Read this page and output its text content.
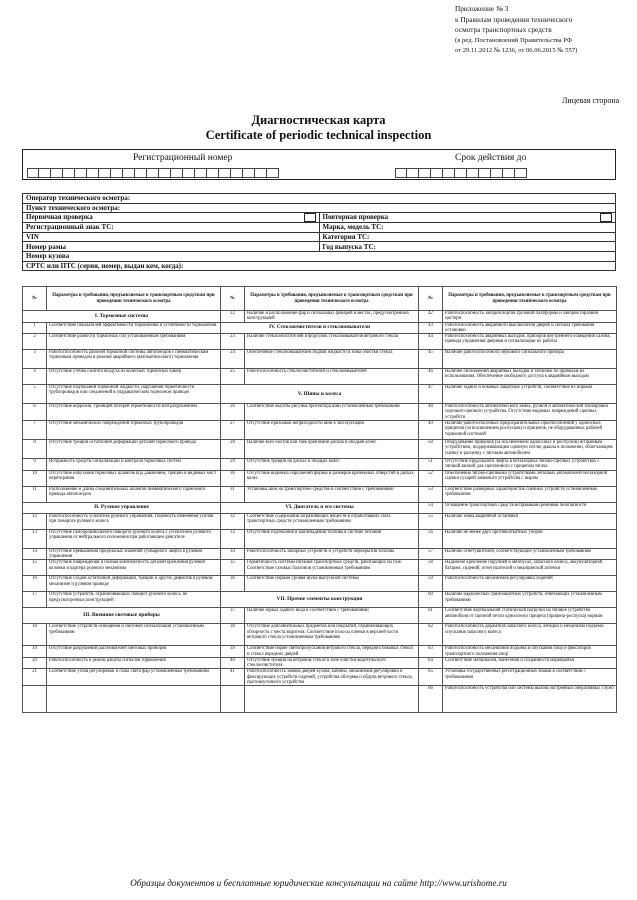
Приложение № 3
к Правилам проведения технического
осмотра транспортных средств
(в ред. Постановлений Правительства РФ
от 29.11.2012 № 1236, от 06.06.2015 № 557)
Лицевая сторона
Диагностическая карта
Certificate of periodic technical inspection
Регистрационный номер	Срок действия до
Оператор технического осмотра:	
Пункт технического осмотра:	
Первичная проверка	Повторная проверка

Регистрационный знак ТС:	Марка, модель ТС:
VIN	Категория ТС:
Номер рамы	Год выпуска ТС:
Номер кузова	
СРТС или ПТС (серия, номер, выдан кем, когда):	
№	Параметры и требования, предъявляемые к транспортным средствам при проведении технического осмотра	№	Параметры и требования, предъявляемые к транспортным средствам при проведении технического осмотра	№	Параметры и требования, предъявляемые к транспортным средствам при проведении технического осмотра
I. Тормозные системы		22	Наличие и расположение фар и сигнальных фонарей в местах, предусмотренных конструкцией	42	Работоспособность запоров бортов грузовой платформы и запоров горловин цистерн
1	Соответствие показателей эффективности торможения и устойчивости торможения	IV. Стеклоочистители и стеклоомыватели		43	Работоспособность аварийного выключателя дверей и сигнала требования остановки
2	Соответствие разности тормозных сил установленным требованиям	23	Наличие стеклоочистителей и форсунок стеклоомывателя ветрового стекла	44	Работоспособность аварийных выходов, приборов внутреннего освещения салона, привода управления дверями и сигнализации их работы
3	Работоспособность рабочей тормозной системы автопоездов с пневматическим тормозным приводом в режиме аварийного (автоматического) торможения	24	Обеспечение стеклоомывателем подачи жидкости в зоны очистки стекла	45	Наличие работоспособного звукового сигнального прибора
4	Отсутствие утечек сжатого воздуха из колесных тормозных камер	25	Работоспособность стеклоочистителей и стеклоомывателей	46	Наличие обозначений аварийных выходов и табличек по правилам их использования. Обеспечение свободного доступа к аварийным выходам
5	Отсутствие подтеканий тормозной жидкости, нарушения герметичности трубопроводов или соединений в гидравлическом тормозном приводе	V. Шины и колеса		47	Наличие задних и боковых защитных устройств, соответствие их нормам
6	Отсутствие коррозии, грозящей потерей герметичности или разрушением	26	Соответствие высоты рисунка протектора шин установленным требованиям	48	Работоспособность автоматического замка, ручной и автоматической блокировки седельно-сцепного устройства. Отсутствие видимых повреждений сцепных устройств
7	Отсутствие механических повреждений тормозных трубопроводов	27	Отсутствие признаков непригодности шин к эксплуатации	49	Наличие работоспособных предохранительных приспособлений у одноосных прицепов (за исключением роспусков) и прицепов, не оборудованных рабочей тормозной системой
8	Отсутствие трещин остаточной деформации деталей тормозного привода	28	Наличие всех болтов или гаек крепления дисков и ободьев колес	50	Оборудование прицепов (за исключением одноосных и роспусков) исправным устройством, поддерживающим сцепную петлю дышла в положении, облегчающем сцепку и расцепку с тяговым автомобилем
9	Исправность средств сигнализации и контроля тормозных систем	29	Отсутствие трещин на дисках и ободьях колес	51	Отсутствие продольного люфта в беззазорных тягово-сцепных устройствах с тяговой вилкой для сцепленного с прицепом тягача
10	Отсутствие набухания тормозных шлангов под давлением, трещин и видимых мест перетирания	30	Отсутствие видимых нарушений формы и размеров крепежных отверстий в дисках колес	52	Обеспечение тягово-сцепными устройствами легковых автомобилей беззазорной сцепки сухарей замкового устройства с шаром
11	Расположение и длина соединительных шлангов пневматического тормозного привода автопоездов	31	Установка шин на транспортное средство в соответствии с требованиями	53	Соответствие размерных характеристик сцепных устройств установленным требованиям
II. Рулевое управление		VI. Двигатель и его системы		54	Оснащение транспортных средств исправными ремнями безопасности
12	Работоспособность усилителя рулевого управления. Плавность изменения усилия при повороте рулевого колеса	32	Соответствие содержания загрязняющих веществ в отработавших газах транспортных средств установленным требованиям	55	Наличие знака аварийной остановки
13	Отсутствие самопроизвольного поворота рулевого колеса с усилителем рулевого управления от нейтрального положения при работающем двигателе	33	Отсутствие подтекания и каплепадения топлива в системе питания	56	Наличие не менее двух противооткатных упоров
14	Отсутствие превышения предельных значений суммарного люфта в рулевом управлении	34	Работоспособность запорных устройств и устройств перекрытия топлива	57	Наличие огнетушителей, соответствующих установленным требованиям
15	Отсутствие повреждения и полная комплектность деталей крепления рулевой колонки и картера рулевого механизма	35	Герметичность системы питания транспортных средств, работающих на газе. Соответствие газовых баллонов установленным требованиям	58	Надежное крепление поручней в автобусах, запасного колеса, аккумуляторной батареи, сидений, огнетушителей и медицинской аптечки
16	Отсутствие следов остаточной деформации, трещин и других дефектов в рулевом механизме и рулевом приводе	36	Соответствие нормам уровня шума выпускной системы	59	Работоспособность механизмов регулировки сидений
17	Отсутствие устройств, ограничивающих поворот рулевого колеса, не предусмотренных конструкцией	VII. Прочие элементы конструкции		60	Наличие надколесных грязезащитных устройств, отвечающих установленным требованиям
III. Внешние световые приборы		37	Наличие зеркал заднего вида в соответствии с требованиями	61	Соответствие вертикальной статической нагрузки на тяговое устройство автомобиля от сцепной петли одноосного прицепа (прицепа-роспуска) нормам
18	Соответствие устройств освещения и световой сигнализации установленным требованиям	38	Отсутствие дополнительных предметов или покрытий, ограничивающих обзорность с места водителя. Соответствие полосы пленки в верхней части ветрового стекла установленным требованиям	62	Работоспособность держателя запасного колеса, лебедки и механизма подъема-опускания запасного колеса
19	Отсутствие разрушений рассеивателей световых приборов	39	Соответствие норме светопропускания ветрового стекла, передних боковых стекол и стекол передних дверей	63	Работоспособность механизмов подъема и опускания опор и фиксаторов транспортного положения опор
20	Работоспособность в режим работы сигналов торможения	40	Отсутствие трещин на ветровом стекле в зоне очистки водительского стеклоочистителя	64	Соответствие материалов, нанесения и сохранности маркировки
21	Соответствие углов регулировки и силы света фар установленным требованиям	41	Работоспособность замков дверей кузова, кабины, механизмов регулировки и фиксирующих устройств сидений, устройства обогрева и обдува ветрового стекла, противоугонного устройства	65	Установка государственных регистрационных знаков в соответствии с требованиями
				66	Работоспособность устройства или системы вызова экстренных оперативных служб
Образцы документов и бесплатные юридические консультации на сайте http://www.urishome.ru
